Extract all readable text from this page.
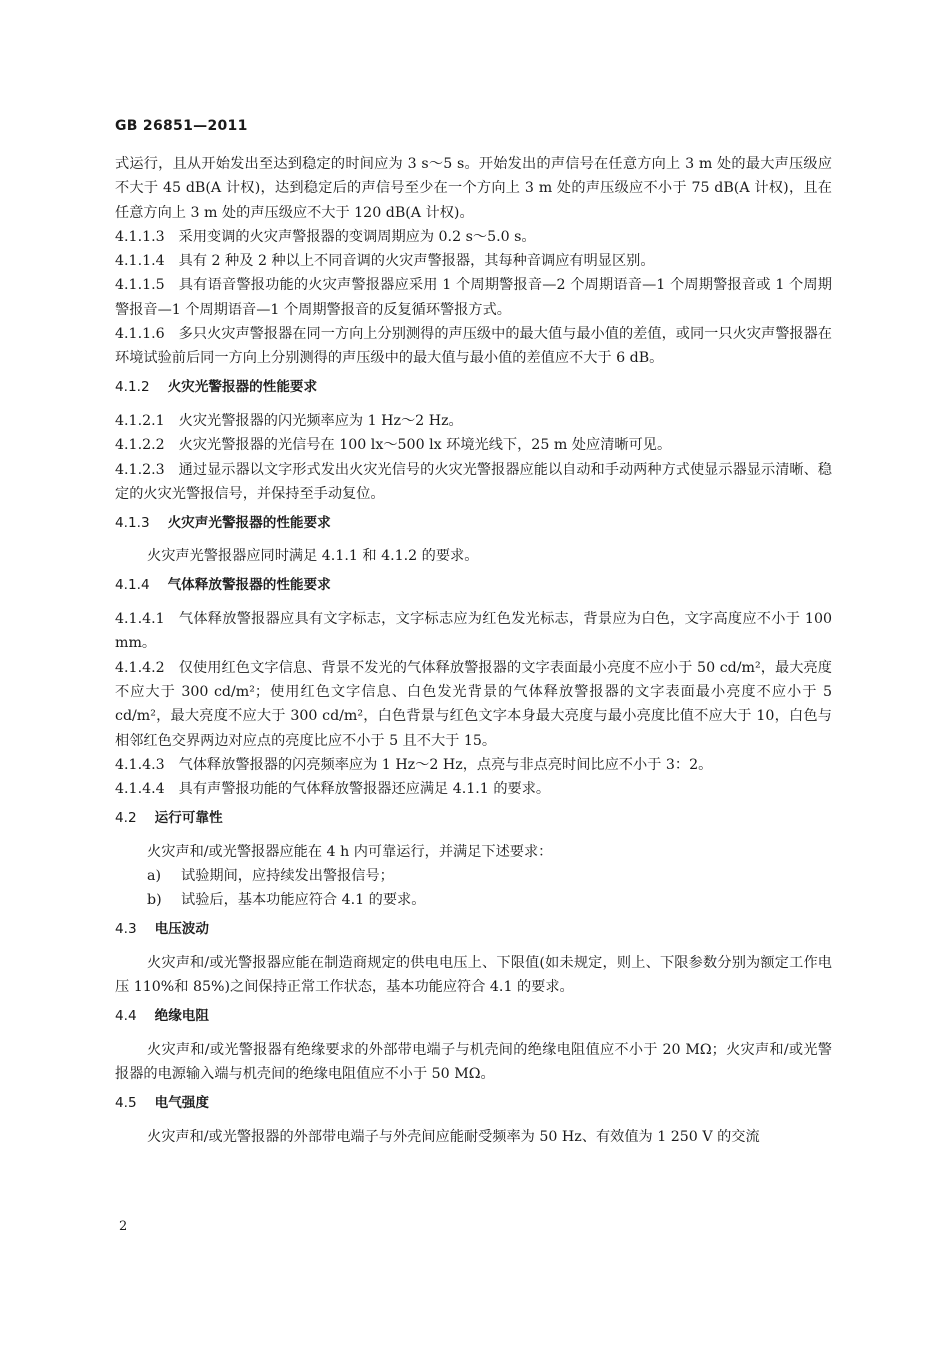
GB 26851—2011

式运行，且从开始发出至达到稳定的时间应为 3 s～5 s。开始发出的声信号在任意方向上 3 m 处的最大声压级应不大于 45 dB(A 计权)，达到稳定后的声信号至少在一个方向上 3 m 处的声压级应不小于 75 dB(A 计权)，且在任意方向上 3 m 处的声压级应不大于 120 dB(A 计权)。

4.1.1.3 采用变调的火灾声警报器的变调周期应为 0.2 s～5.0 s。

4.1.1.4 具有 2 种及 2 种以上不同音调的火灾声警报器，其每种音调应有明显区别。

4.1.1.5 具有语音警报功能的火灾声警报器应采用 1 个周期警报音—2 个周期语音—1 个周期警报音或 1 个周期警报音—1 个周期语音—1 个周期警报音的反复循环警报方式。

4.1.1.6 多只火灾声警报器在同一方向上分别测得的声压级中的最大值与最小值的差值，或同一只火灾声警报器在环境试验前后同一方向上分别测得的声压级中的最大值与最小值的差值应不大于 6 dB。

4.1.2 火灾光警报器的性能要求

4.1.2.1 火灾光警报器的闪光频率应为 1 Hz～2 Hz。

4.1.2.2 火灾光警报器的光信号在 100 lx～500 lx 环境光线下，25 m 处应清晰可见。

4.1.2.3 通过显示器以文字形式发出火灾光信号的火灾光警报器应能以自动和手动两种方式使显示器显示清晰、稳定的火灾光警报信号，并保持至手动复位。

4.1.3 火灾声光警报器的性能要求

火灾声光警报器应同时满足 4.1.1 和 4.1.2 的要求。

4.1.4 气体释放警报器的性能要求

4.1.4.1 气体释放警报器应具有文字标志，文字标志应为红色发光标志，背景应为白色，文字高度应不小于 100 mm。

4.1.4.2 仅使用红色文字信息、背景不发光的气体释放警报器的文字表面最小亮度不应小于 50 cd/m²，最大亮度不应大于 300 cd/m²；使用红色文字信息、白色发光背景的气体释放警报器的文字表面最小亮度不应小于 5 cd/m²，最大亮度不应大于 300 cd/m²，白色背景与红色文字本身最大亮度与最小亮度比值不应大于 10，白色与相邻红色交界两边对应点的亮度比应不小于 5 且不大于 15。

4.1.4.3 气体释放警报器的闪亮频率应为 1 Hz～2 Hz，点亮与非点亮时间比应不小于 3：2。

4.1.4.4 具有声警报功能的气体释放警报器还应满足 4.1.1 的要求。

4.2 运行可靠性

火灾声和/或光警报器应能在 4 h 内可靠运行，并满足下述要求：

a) 试验期间，应持续发出警报信号；

b) 试验后，基本功能应符合 4.1 的要求。

4.3 电压波动

火灾声和/或光警报器应能在制造商规定的供电电压上、下限值(如未规定，则上、下限参数分别为额定工作电压 110%和 85%)之间保持正常工作状态，基本功能应符合 4.1 的要求。

4.4 绝缘电阻

火灾声和/或光警报器有绝缘要求的外部带电端子与机壳间的绝缘电阻值应不小于 20 MΩ；火灾声和/或光警报器的电源输入端与机壳间的绝缘电阻值应不小于 50 MΩ。

4.5 电气强度

火灾声和/或光警报器的外部带电端子与外壳间应能耐受频率为 50 Hz、有效值为 1 250 V 的交流

2
